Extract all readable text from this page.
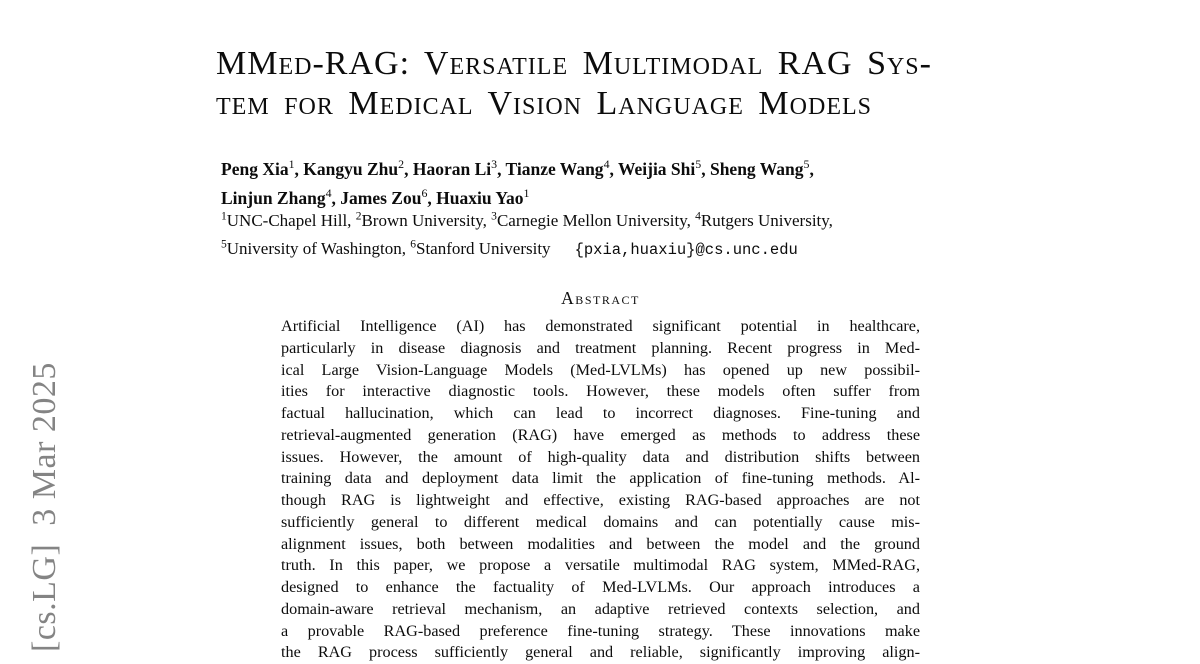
[cs.LG]  3 Mar 2025
MMed-RAG: Versatile Multimodal RAG Sys-
tem for Medical Vision Language Models
Peng Xia$^1$, Kangyu Zhu$^2$, Haoran Li$^3$, Tianze Wang$^4$, Weijia Shi$^5$, Sheng Wang$^5$,
Linjun Zhang$^4$, James Zou$^6$, Huaxiu Yao$^1$
$^1$UNC-Chapel Hill, $^2$Brown University, $^3$Carnegie Mellon University, $^4$Rutgers University,
$^5$University of Washington, $^6$Stanford University {pxia,huaxiu}@cs.unc.edu
Abstract
Artificial Intelligence (AI) has demonstrated significant potential in healthcare,
particularly in disease diagnosis and treatment planning. Recent progress in Med-
ical Large Vision-Language Models (Med-LVLMs) has opened up new possibil-
ities for interactive diagnostic tools. However, these models often suffer from
factual hallucination, which can lead to incorrect diagnoses. Fine-tuning and
retrieval-augmented generation (RAG) have emerged as methods to address these
issues. However, the amount of high-quality data and distribution shifts between
training data and deployment data limit the application of fine-tuning methods. Al-
though RAG is lightweight and effective, existing RAG-based approaches are not
sufficiently general to different medical domains and can potentially cause mis-
alignment issues, both between modalities and between the model and the ground
truth. In this paper, we propose a versatile multimodal RAG system, MMed-RAG,
designed to enhance the factuality of Med-LVLMs. Our approach introduces a
domain-aware retrieval mechanism, an adaptive retrieved contexts selection, and
a provable RAG-based preference fine-tuning strategy. These innovations make
the RAG process sufficiently general and reliable, significantly improving align-
